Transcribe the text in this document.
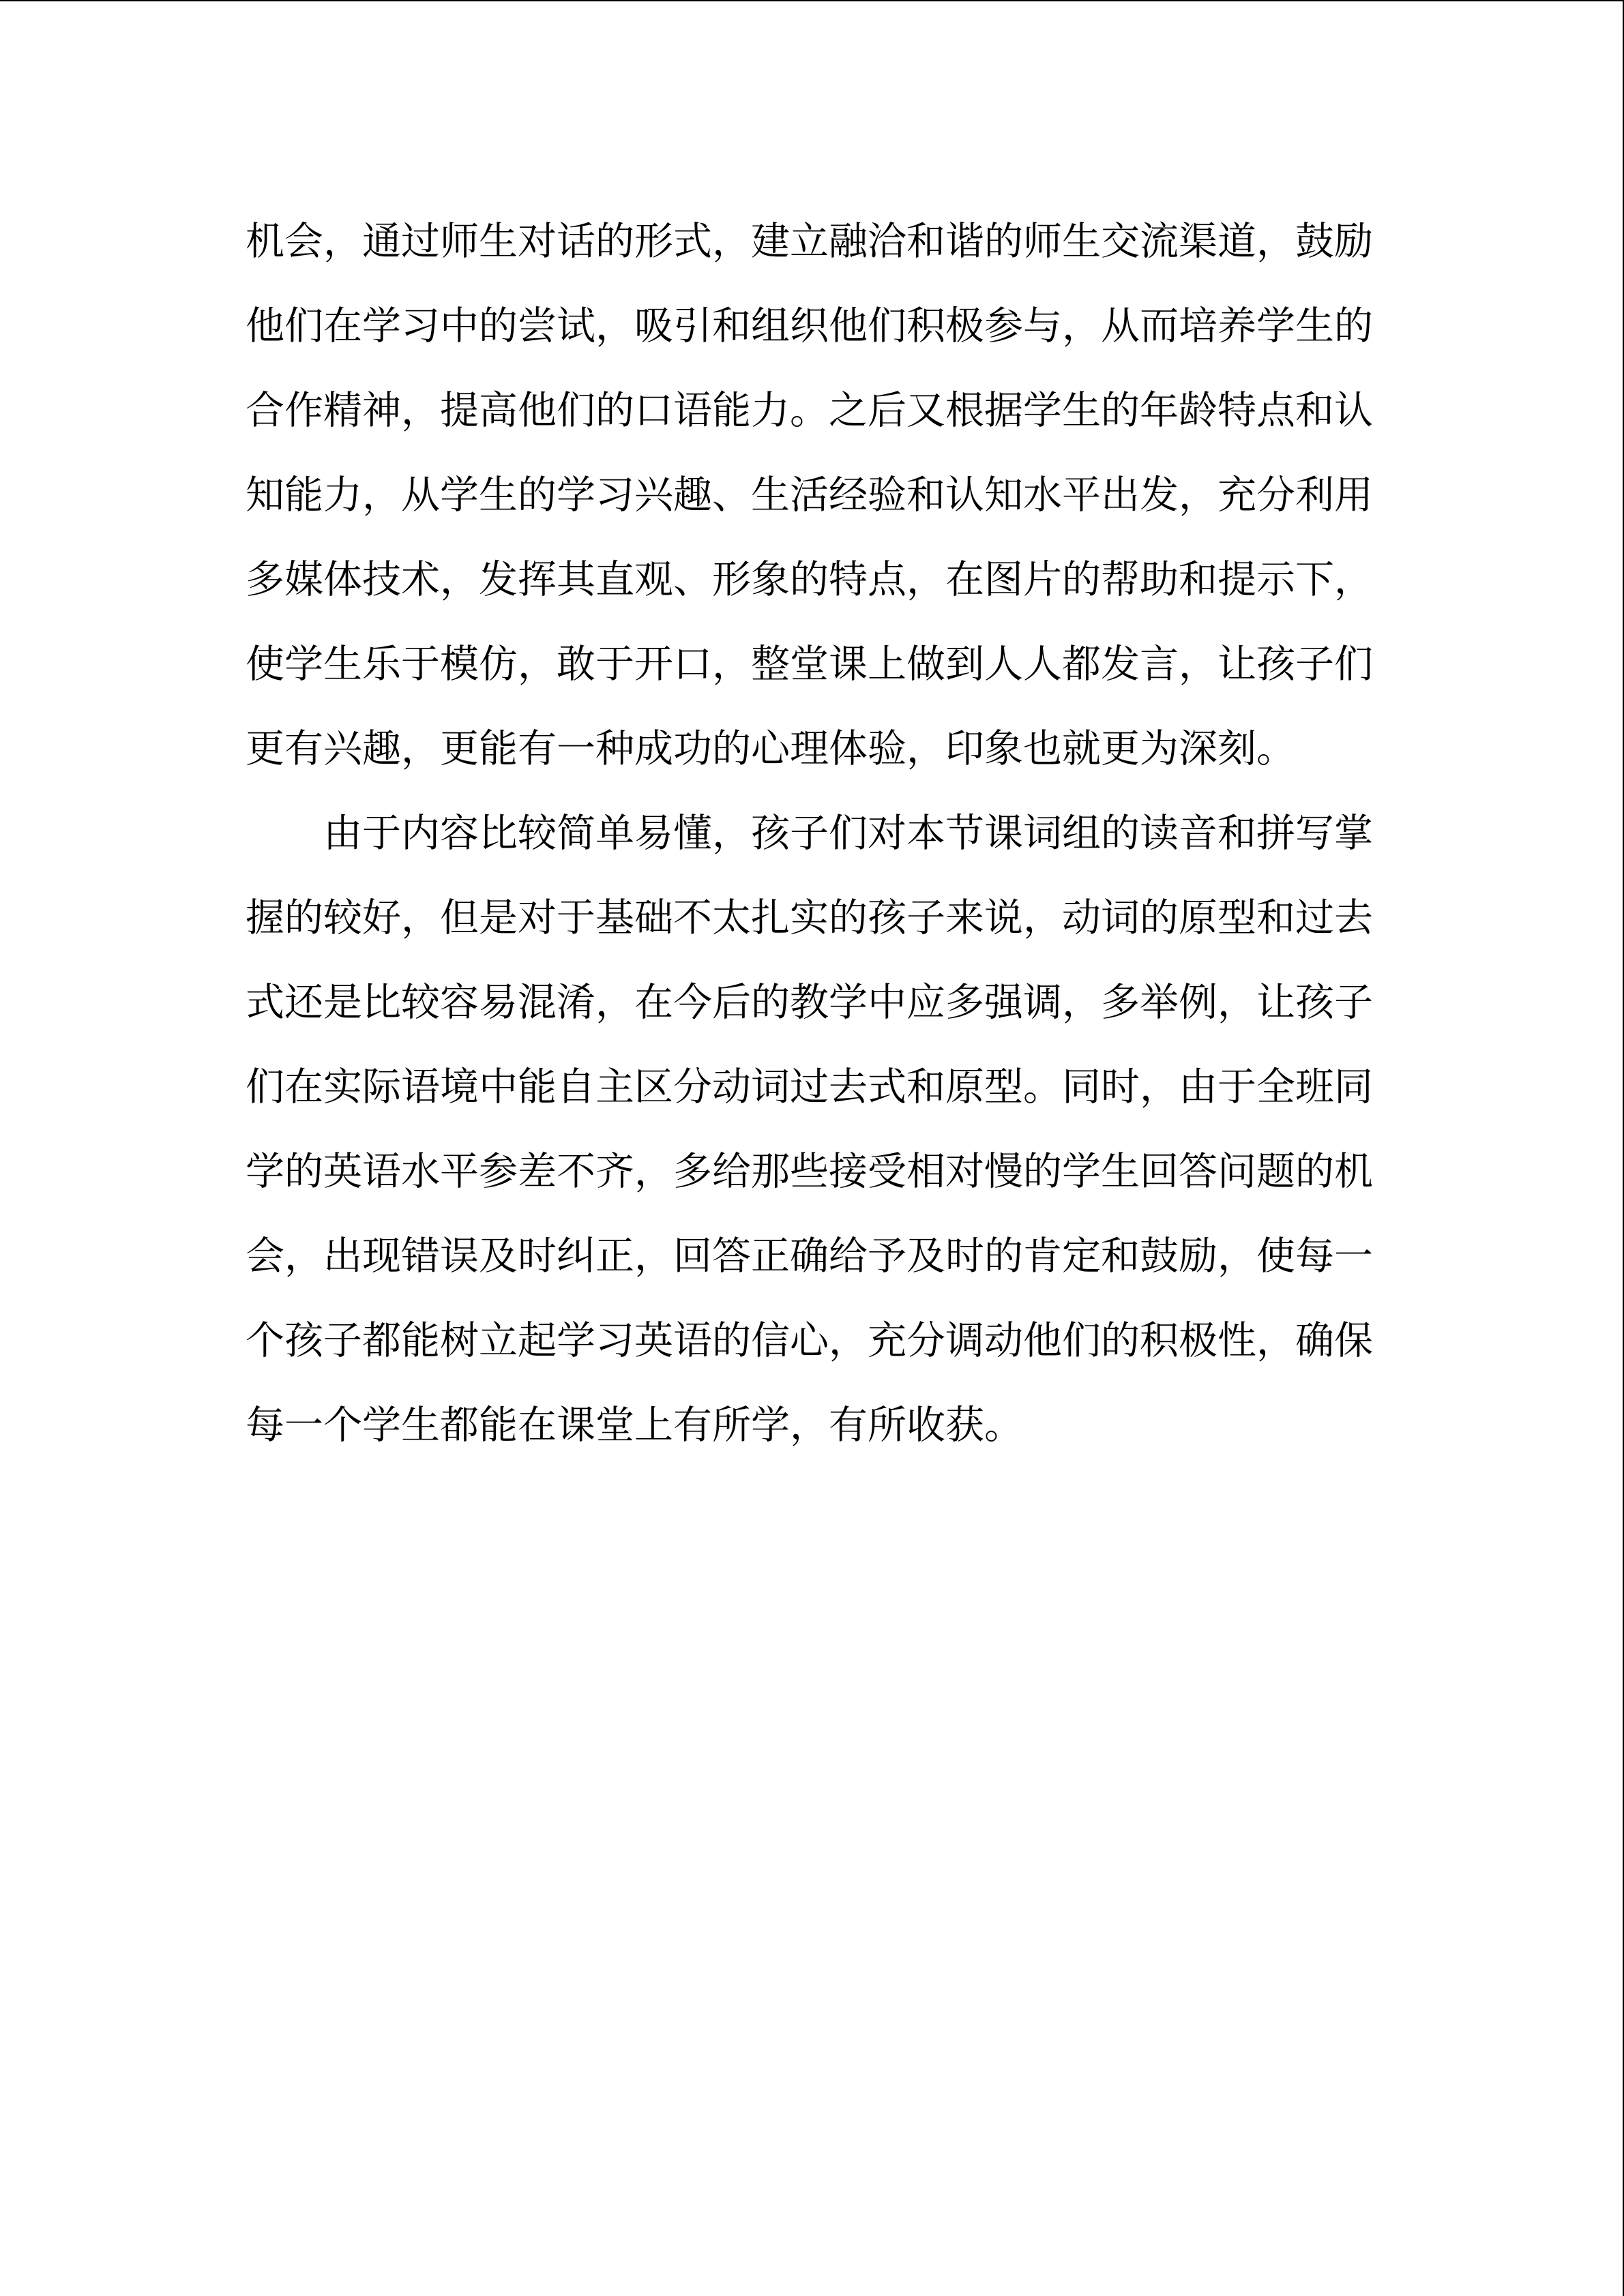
机会，通过师生对话的形式，建立融洽和谐的师生交流渠道，鼓励
他们在学习中的尝试，吸引和组织他们积极参与，从而培养学生的
合作精神，提高他们的口语能力。之后又根据学生的年龄特点和认
知能力，从学生的学习兴趣、生活经验和认知水平出发，充分利用
多媒体技术，发挥其直观、形象的特点，在图片的帮助和提示下，
使学生乐于模仿，敢于开口，整堂课上做到人人都发言，让孩子们
更有兴趣，更能有一种成功的心理体验，印象也就更为深刻。
由于内容比较简单易懂，孩子们对本节课词组的读音和拼写掌
握的较好，但是对于基础不太扎实的孩子来说，动词的原型和过去
式还是比较容易混淆，在今后的教学中应多强调，多举例，让孩子
们在实际语境中能自主区分动词过去式和原型。同时，由于全班同
学的英语水平参差不齐，多给那些接受相对慢的学生回答问题的机
会，出现错误及时纠正，回答正确给予及时的肯定和鼓励，使每一
个孩子都能树立起学习英语的信心，充分调动他们的积极性，确保
每一个学生都能在课堂上有所学，有所收获。
